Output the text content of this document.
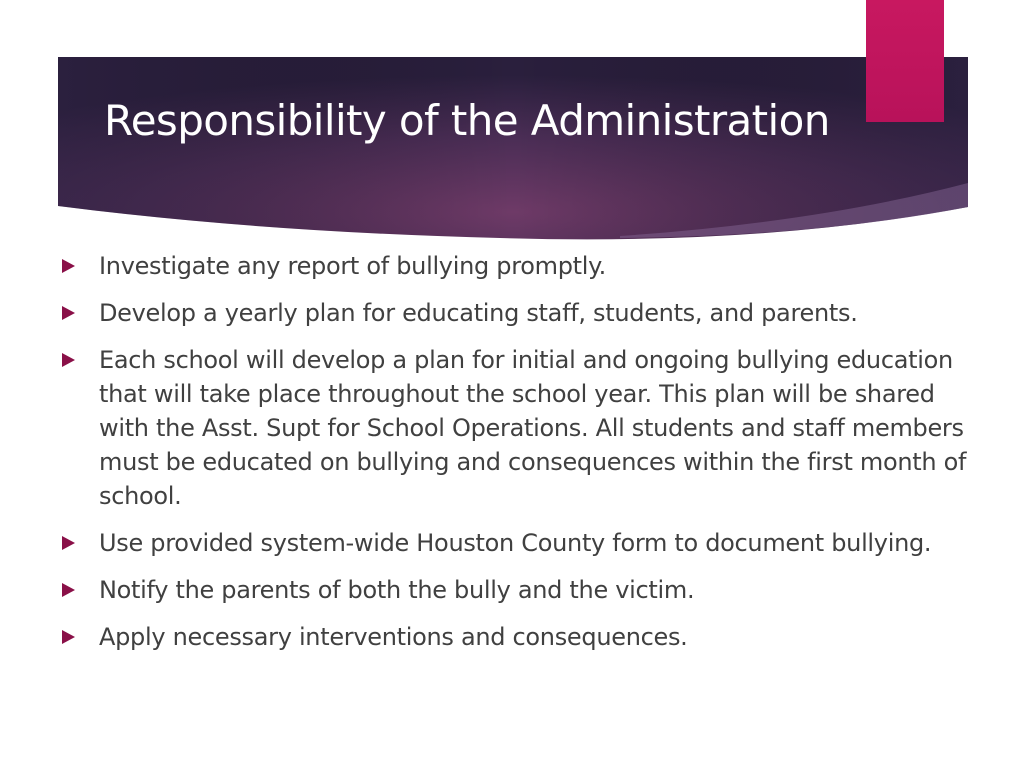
Responsibility of the Administration
Investigate any report of bullying promptly.
Develop a yearly plan for educating staff, students, and parents.
Each school will develop a plan for initial and ongoing bullying education that will take place throughout the school year. This plan will be shared with the Asst. Supt for School Operations. All students and staff members must be educated on bullying and consequences within the first month of school.
Use provided system-wide Houston County form to document bullying.
Notify the parents of both the bully and the victim.
Apply necessary interventions and consequences.
